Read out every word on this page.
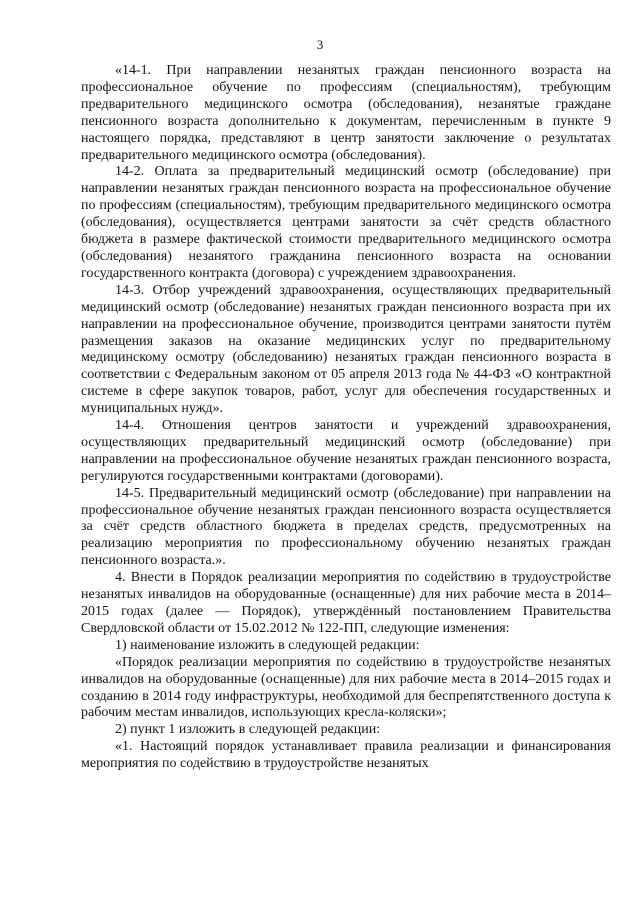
3

«14-1. При направлении незанятых граждан пенсионного возраста на профессиональное обучение по профессиям (специальностям), требующим предварительного медицинского осмотра (обследования), незанятые граждане пенсионного возраста дополнительно к документам, перечисленным в пункте 9 настоящего порядка, представляют в центр занятости заключение о результатах предварительного медицинского осмотра (обследования).

14-2. Оплата за предварительный медицинский осмотр (обследование) при направлении незанятых граждан пенсионного возраста на профессиональное обучение по профессиям (специальностям), требующим предварительного медицинского осмотра (обследования), осуществляется центрами занятости за счёт средств областного бюджета в размере фактической стоимости предварительного медицинского осмотра (обследования) незанятого гражданина пенсионного возраста на основании государственного контракта (договора) с учреждением здравоохранения.

14-3. Отбор учреждений здравоохранения, осуществляющих предварительный медицинский осмотр (обследование) незанятых граждан пенсионного возраста при их направлении на профессиональное обучение, производится центрами занятости путём размещения заказов на оказание медицинских услуг по предварительному медицинскому осмотру (обследованию) незанятых граждан пенсионного возраста в соответствии с Федеральным законом от 05 апреля 2013 года № 44-ФЗ «О контрактной системе в сфере закупок товаров, работ, услуг для обеспечения государственных и муниципальных нужд».

14-4. Отношения центров занятости и учреждений здравоохранения, осуществляющих предварительный медицинский осмотр (обследование) при направлении на профессиональное обучение незанятых граждан пенсионного возраста, регулируются государственными контрактами (договорами).

14-5. Предварительный медицинский осмотр (обследование) при направлении на профессиональное обучение незанятых граждан пенсионного возраста осуществляется за счёт средств областного бюджета в пределах средств, предусмотренных на реализацию мероприятия по профессиональному обучению незанятых граждан пенсионного возраста.».

4. Внести в Порядок реализации мероприятия по содействию в трудоустройстве незанятых инвалидов на оборудованные (оснащенные) для них рабочие места в 2014–2015 годах (далее — Порядок), утверждённый постановлением Правительства Свердловской области от 15.02.2012 № 122-ПП, следующие изменения:

1) наименование изложить в следующей редакции:

«Порядок реализации мероприятия по содействию в трудоустройстве незанятых инвалидов на оборудованные (оснащенные) для них рабочие места в 2014–2015 годах и созданию в 2014 году инфраструктуры, необходимой для беспрепятственного доступа к рабочим местам инвалидов, использующих кресла-коляски»;

2) пункт 1 изложить в следующей редакции:

«1. Настоящий порядок устанавливает правила реализации и финансирования мероприятия по содействию в трудоустройстве незанятых
